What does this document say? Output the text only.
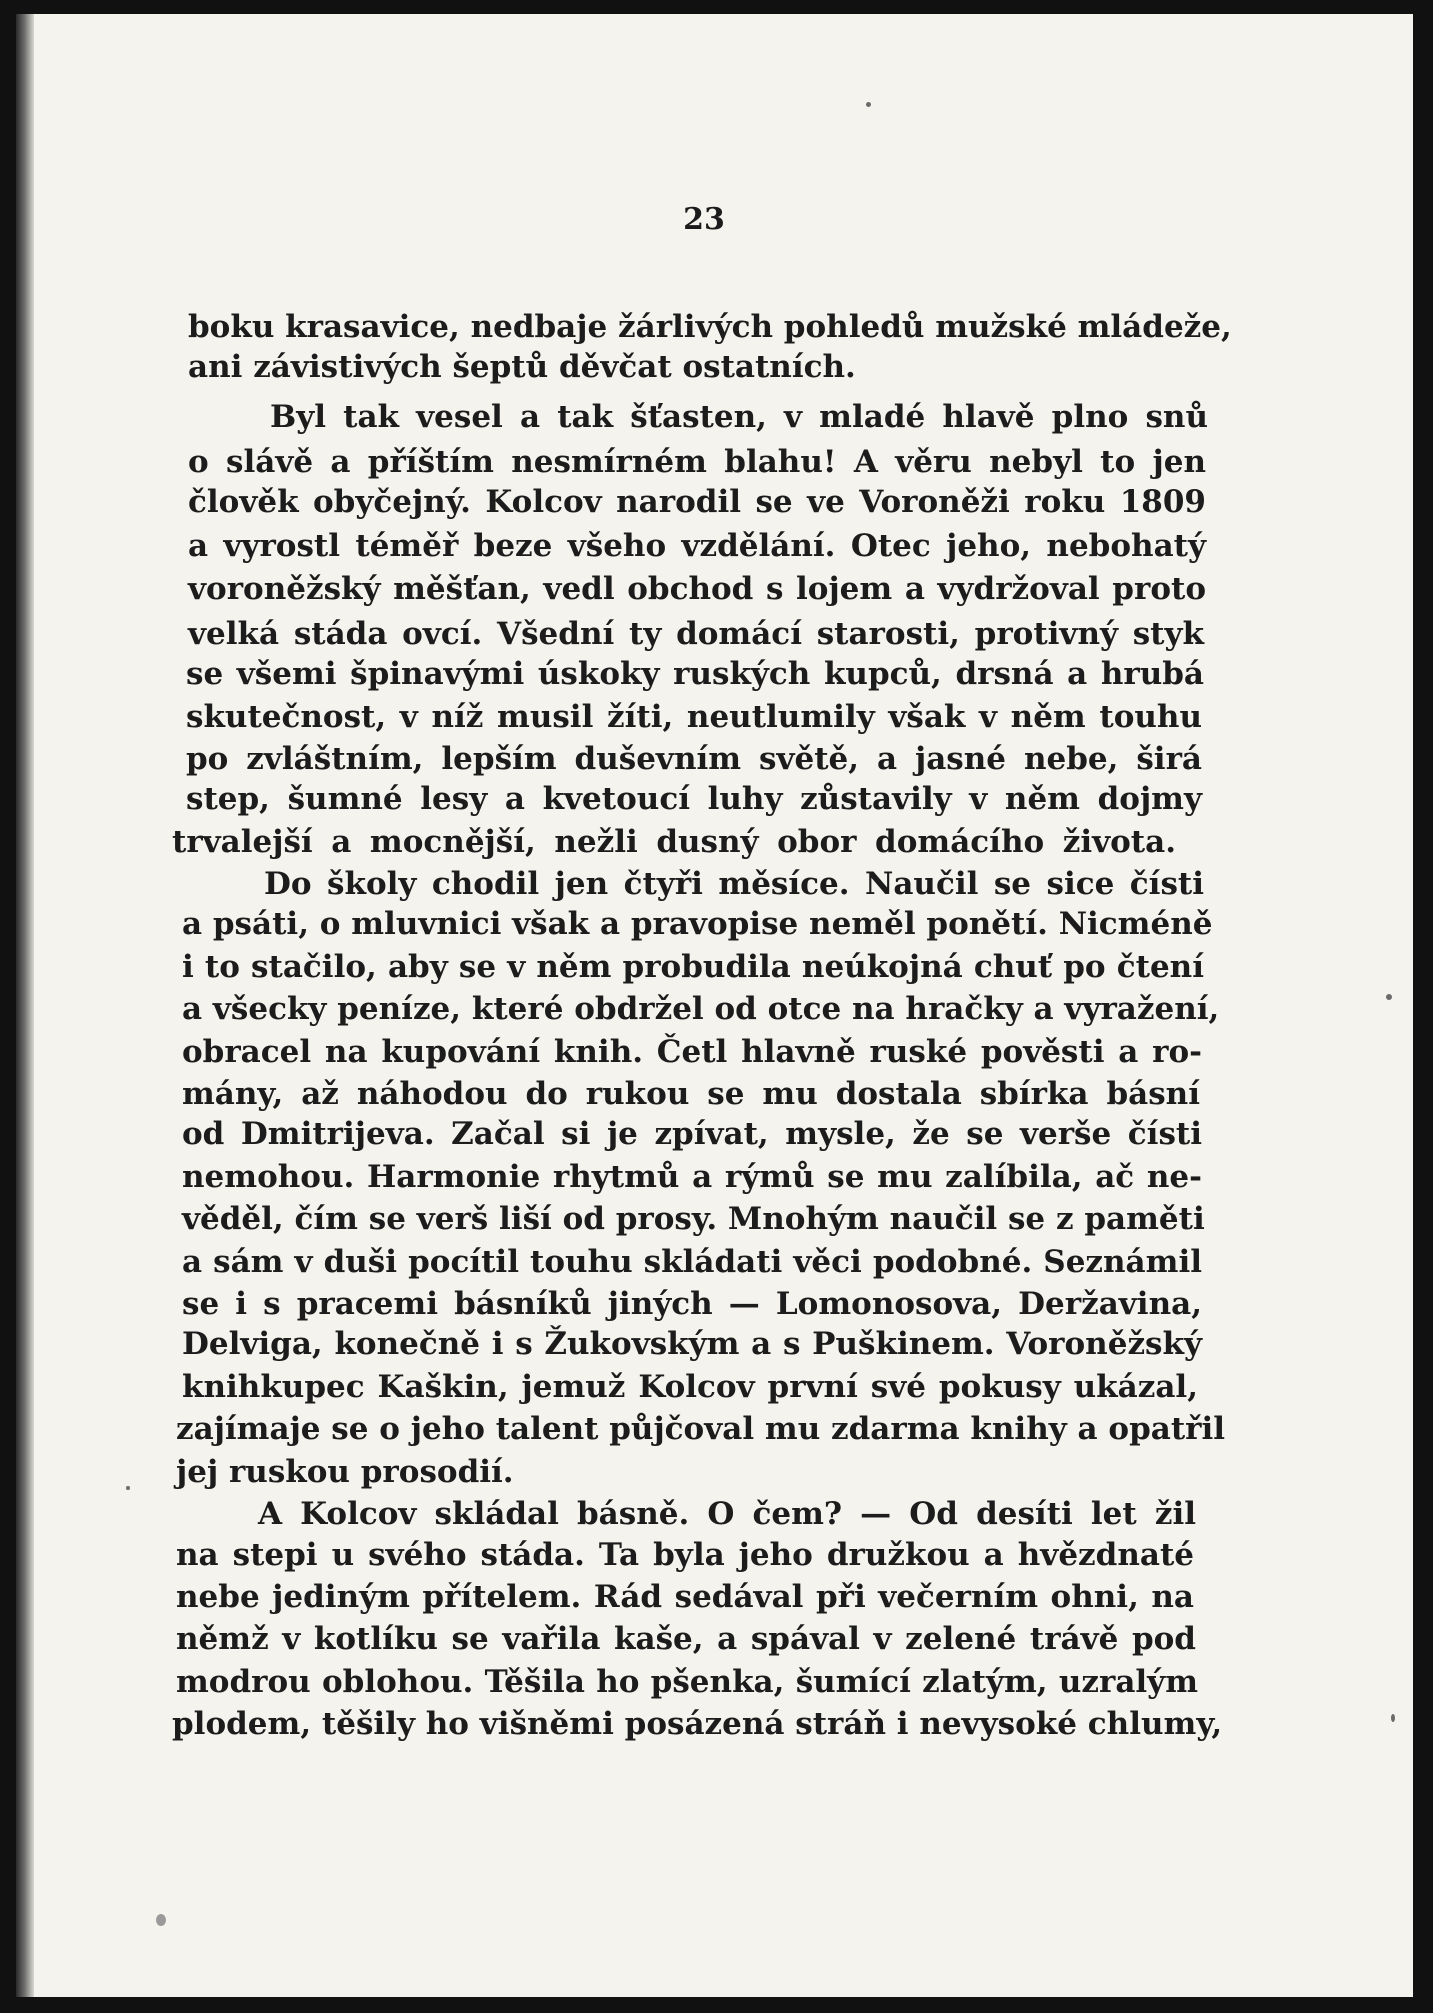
23
boku krasavice, nedbaje žárlivých pohledů mužské mládeže,
ani závistivých šeptů děvčat ostatních.
Byl tak vesel a tak šťasten, v mladé hlavě plno snů
o slávě a příštím nesmírném blahu! A věru nebyl to jen
člověk obyčejný. Kolcov narodil se ve Voroněži roku 1809
a vyrostl téměř beze všeho vzdělání. Otec jeho, nebohatý
voroněžský měšťan, vedl obchod s lojem a vydržoval proto
velká stáda ovcí. Všední ty domácí starosti, protivný styk
se všemi špinavými úskoky ruských kupců, drsná a hrubá
skutečnost, v níž musil žíti, neutlumily však v něm touhu
po zvláštním, lepším duševním světě, a jasné nebe, širá
step, šumné lesy a kvetoucí luhy zůstavily v něm dojmy
trvalejší a mocnější, nežli dusný obor domácího života.
Do školy chodil jen čtyři měsíce. Naučil se sice čísti
a psáti, o mluvnici však a pravopise neměl ponětí. Nicméně
i to stačilo, aby se v něm probudila neúkojná chuť po čtení
a všecky peníze, které obdržel od otce na hračky a vyražení,
obracel na kupování knih. Četl hlavně ruské pověsti a ro-
mány, až náhodou do rukou se mu dostala sbírka básní
od Dmitrijeva. Začal si je zpívat, mysle, že se verše čísti
nemohou. Harmonie rhytmů a rýmů se mu zalíbila, ač ne-
věděl, čím se verš liší od prosy. Mnohým naučil se z paměti
a sám v duši pocítil touhu skládati věci podobné. Seznámil
se i s pracemi básníků jiných — Lomonosova, Deržavina,
Delviga, konečně i s Žukovským a s Puškinem. Voroněžský
knihkupec Kaškin, jemuž Kolcov první své pokusy ukázal,
zajímaje se o jeho talent půjčoval mu zdarma knihy a opatřil
jej ruskou prosodií.
A Kolcov skládal básně. O čem? — Od desíti let žil
na stepi u svého stáda. Ta byla jeho družkou a hvězdnaté
nebe jediným přítelem. Rád sedával při večerním ohni, na
němž v kotlíku se vařila kaše, a spával v zelené trávě pod
modrou oblohou. Těšila ho pšenka, šumící zlatým, uzralým
plodem, těšily ho višněmi posázená stráň i nevysoké chlumy,
